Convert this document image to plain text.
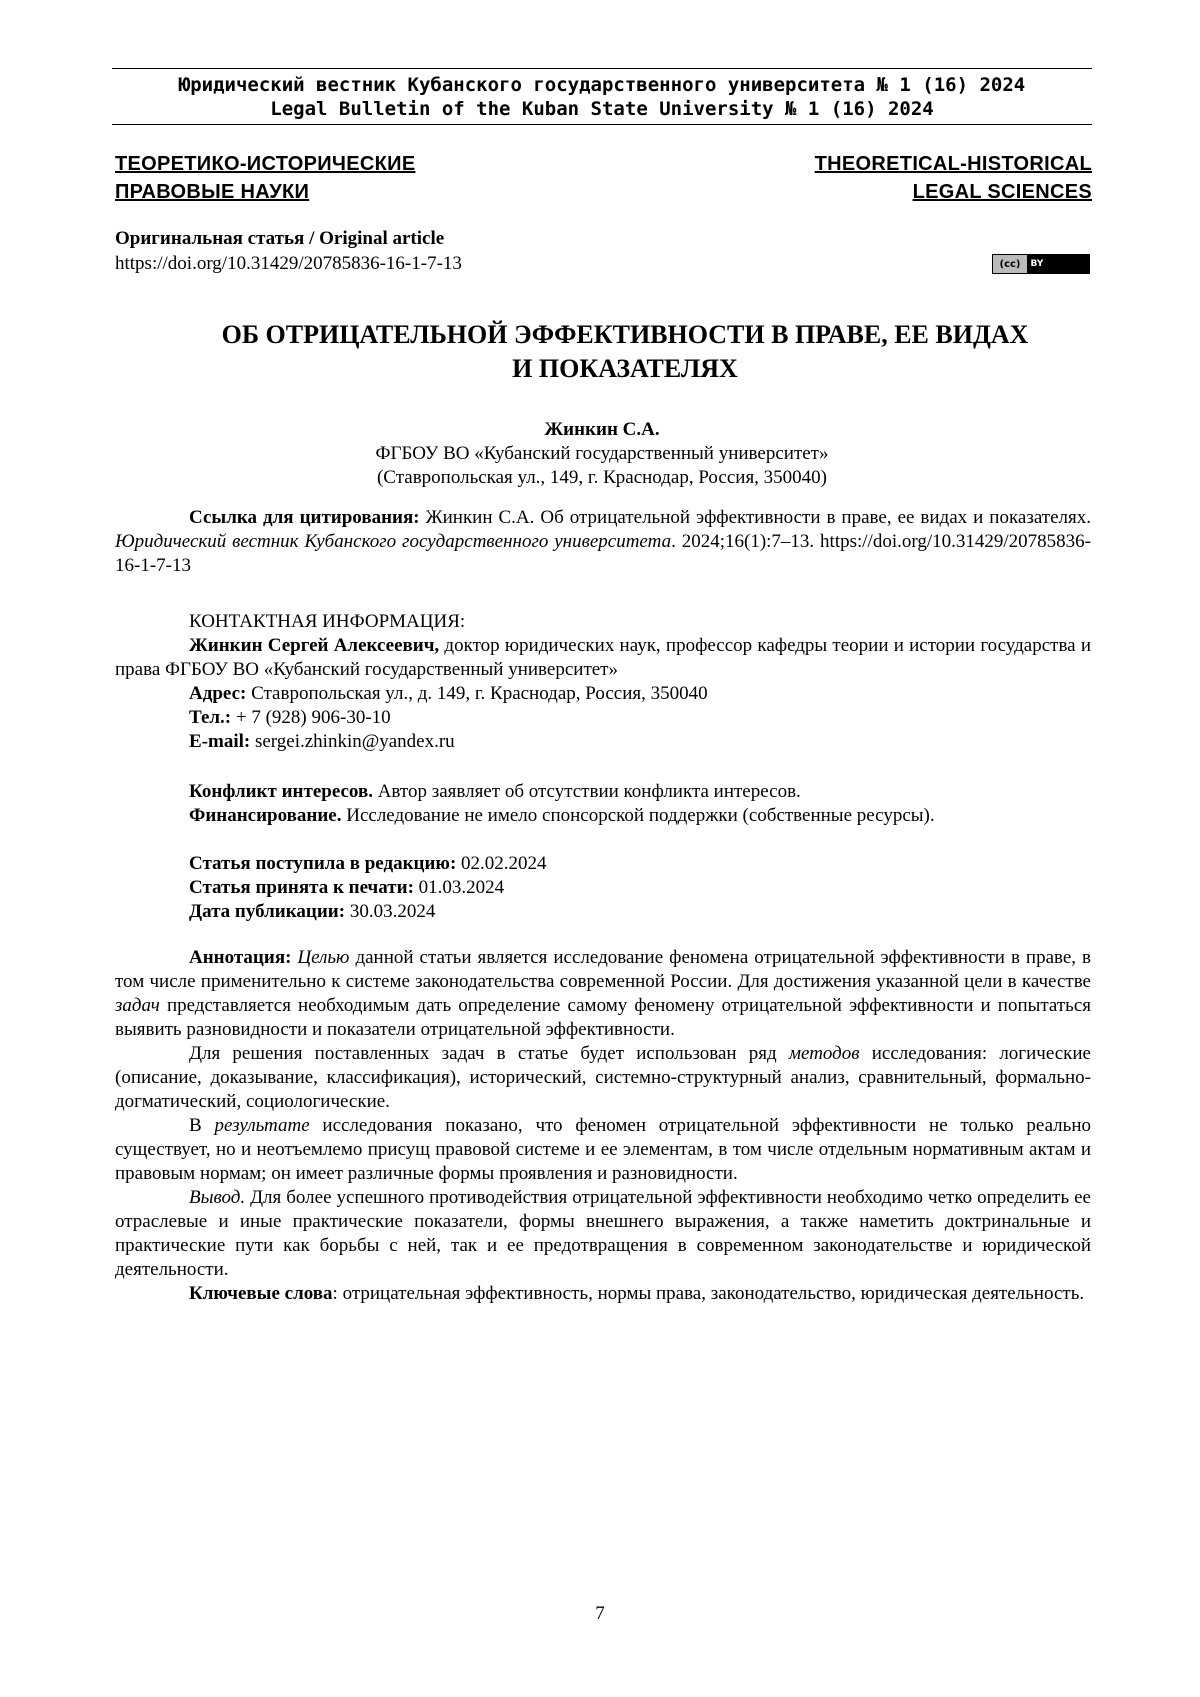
Юридический вестник Кубанского государственного университета № 1 (16) 2024
Legal Bulletin of the Kuban State University № 1 (16) 2024
ТЕОРЕТИКО-ИСТОРИЧЕСКИЕ
ПРАВОВЫЕ НАУКИ
THEORETICAL-HISTORICAL
LEGAL SCIENCES
Оригинальная статья / Original article
https://doi.org/10.31429/20785836-16-1-7-13	(cc)	BY
ОБ ОТРИЦАТЕЛЬНОЙ ЭФФЕКТИВНОСТИ В ПРАВЕ, ЕЕ ВИДАХ
И ПОКАЗАТЕЛЯХ
Жинкин С.А.
ФГБОУ ВО «Кубанский государственный университет»
(Ставропольская ул., 149, г. Краснодар, Россия, 350040)
Ссылка для цитирования: Жинкин С.А. Об отрицательной эффективности в праве, ее видах и показателях. Юридический вестник Кубанского государственного университета. 2024;16(1):7–13. https://doi.org/10.31429/20785836-16-1-7-13
КОНТАКТНАЯ ИНФОРМАЦИЯ:
Жинкин Сергей Алексеевич, доктор юридических наук, профессор кафедры теории и истории государства и права ФГБОУ ВО «Кубанский государственный университет»
Адрес: Ставропольская ул., д. 149, г. Краснодар, Россия, 350040
Тел.: + 7 (928) 906-30-10
E-mail: sergei.zhinkin@yandex.ru
Конфликт интересов. Автор заявляет об отсутствии конфликта интересов.
Финансирование. Исследование не имело спонсорской поддержки (собственные ресурсы).
Статья поступила в редакцию: 02.02.2024
Статья принята к печати: 01.03.2024
Дата публикации: 30.03.2024
Аннотация: Целью данной статьи является исследование феномена отрицательной эффективности в праве, в том числе применительно к системе законодательства современной России. Для достижения указанной цели в качестве задач представляется необходимым дать определение самому феномену отрицательной эффективности и попытаться выявить разновидности и показатели отрицательной эффективности.
Для решения поставленных задач в статье будет использован ряд методов исследования: логические (описание, доказывание, классификация), исторический, системно-структурный анализ, сравнительный, формально-догматический, социологические.
В результате исследования показано, что феномен отрицательной эффективности не только реально существует, но и неотъемлемо присущ правовой системе и ее элементам, в том числе отдельным нормативным актам и правовым нормам; он имеет различные формы проявления и разновидности.
Вывод. Для более успешного противодействия отрицательной эффективности необходимо четко определить ее отраслевые и иные практические показатели, формы внешнего выражения, а также наметить доктринальные и практические пути как борьбы с ней, так и ее предотвращения в современном законодательстве и юридической деятельности.
Ключевые слова: отрицательная эффективность, нормы права, законодательство, юридическая деятельность.
7
